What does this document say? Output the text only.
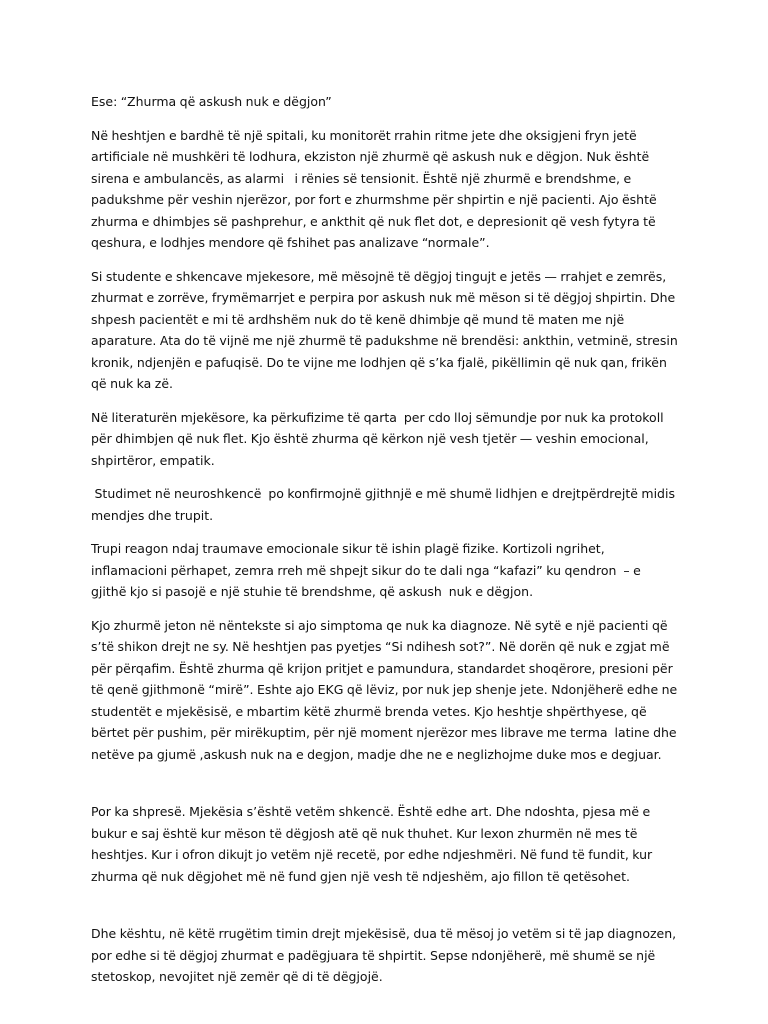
Ese: “Zhurma që askush nuk e dëgjon”

Në heshtjen e bardhë të një spitali, ku monitorët rrahin ritme jete dhe oksigjeni fryn jetë artificiale në mushkëri të lodhura, ekziston një zhurmë që askush nuk e dëgjon. Nuk është sirena e ambulancës, as alarmi   i rënies së tensionit. Është një zhurmë e brendshme, e padukshme për veshin njerëzor, por fort e zhurmshme për shpirtin e një pacienti. Ajo është zhurma e dhimbjes së pashprehur, e ankthit që nuk flet dot, e depresionit që vesh fytyra të qeshura, e lodhjes mendore që fshihet pas analizave “normale”.

Si studente e shkencave mjekesore, më mësojnë të dëgjoj tingujt e jetës — rrahjet e zemrës, zhurmat e zorrëve, frymëmarrjet e perpira por askush nuk më mëson si të dëgjoj shpirtin. Dhe shpesh pacientët e mi të ardhshëm nuk do të kenë dhimbje që mund të maten me një aparature. Ata do të vijnë me një zhurmë të padukshme në brendësi: ankthin, vetminë, stresin kronik, ndjenjën e pafuqisë. Do te vijne me lodhjen që s’ka fjalë, pikëllimin që nuk qan, frikën që nuk ka zë.

Në literaturën mjekësore, ka përkufizime të qarta  per cdo lloj sëmundje por nuk ka protokoll për dhimbjen që nuk flet. Kjo është zhurma që kërkon një vesh tjetër — veshin emocional, shpirtëror, empatik.

Studimet në neuroshkencë  po konfirmojnë gjithnjë e më shumë lidhjen e drejtpërdrejtë midis mendjes dhe trupit.

Trupi reagon ndaj traumave emocionale sikur të ishin plagë fizike. Kortizoli ngrihet, inflamacioni përhapet, zemra rreh më shpejt sikur do te dali nga “kafazi” ku qendron  – e gjithë kjo si pasojë e një stuhie të brendshme, që askush  nuk e dëgjon.

Kjo zhurmë jeton në nëntekste si ajo simptoma qe nuk ka diagnoze. Në sytë e një pacienti që s’të shikon drejt ne sy. Në heshtjen pas pyetjes “Si ndihesh sot?”. Në dorën që nuk e zgjat më për përqafim. Është zhurma që krijon pritjet e pamundura, standardet shoqërore, presioni për të qenë gjithmonë “mirë”. Eshte ajo EKG që lëviz, por nuk jep shenje jete. Ndonjëherë edhe ne studentët e mjekësisë, e mbartim këtë zhurmë brenda vetes. Kjo heshtje shpërthyese, që bërtet për pushim, për mirëkuptim, për një moment njerëzor mes librave me terma  latine dhe netëve pa gjumë ,askush nuk na e degjon, madje dhe ne e neglizhojme duke mos e degjuar.

Por ka shpresë. Mjekësia s’është vetëm shkencë. Është edhe art. Dhe ndoshta, pjesa më e bukur e saj është kur mëson të dëgjosh atë që nuk thuhet. Kur lexon zhurmën në mes të heshtjes. Kur i ofron dikujt jo vetëm një recetë, por edhe ndjeshmëri. Në fund të fundit, kur zhurma që nuk dëgjohet më në fund gjen një vesh të ndjeshëm, ajo fillon të qetësohet.

Dhe kështu, në këtë rrugëtim timin drejt mjekësisë, dua të mësoj jo vetëm si të jap diagnozen, por edhe si të dëgjoj zhurmat e padëgjuara të shpirtit. Sepse ndonjëherë, më shumë se një stetoskop, nevojitet një zemër që di të dëgjojë.
